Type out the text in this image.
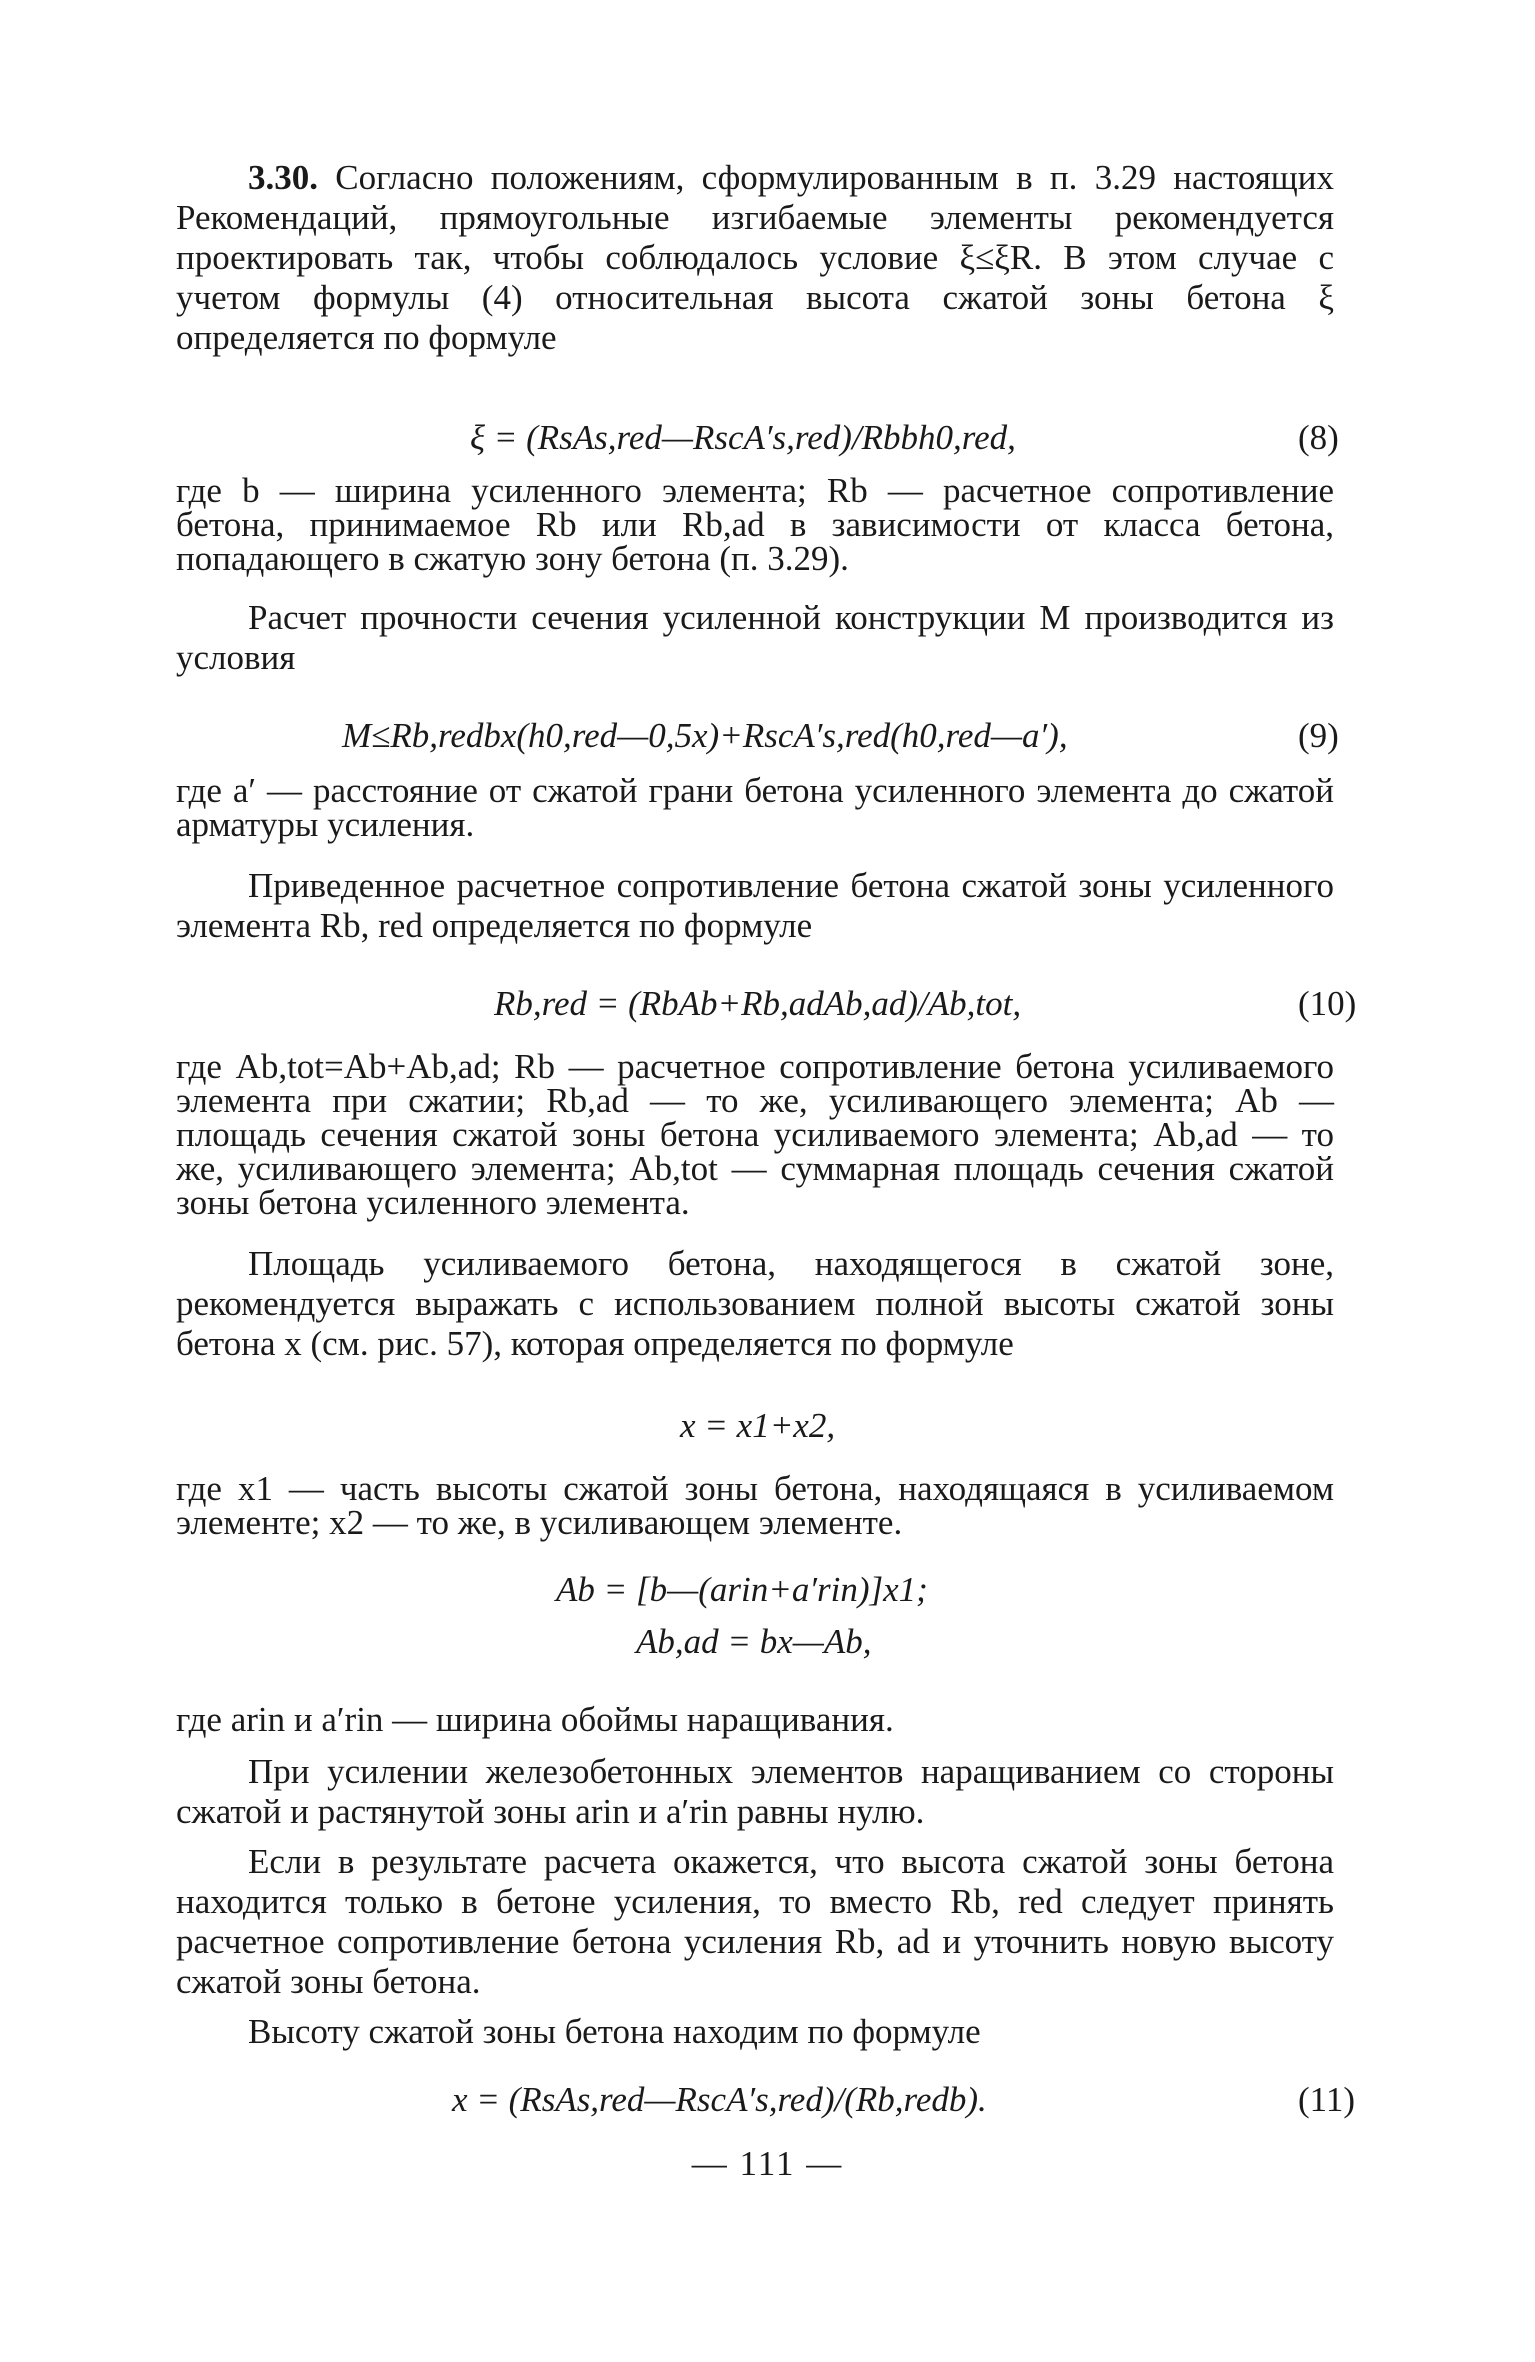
3.30. Согласно положениям, сформулированным в п. 3.29 настоящих Рекомендаций, прямоугольные изгибаемые элементы рекомендуется проектировать так, чтобы соблюдалось условие ξ≤ξR. В этом случае с учетом формулы (4) относительная высота сжатой зоны бетона ξ определяется по формуле

ξ = (RsAs,red—RscA′s,red)/Rbbh0,red,	(8)

где b — ширина усиленного элемента; Rb — расчетное сопротивление бетона, принимаемое Rb или Rb,ad в зависимости от класса бетона, попадающего в сжатую зону бетона (п. 3.29).

Расчет прочности сечения усиленной конструкции M производится из условия

M≤Rb,redbx(h0,red—0,5x)+RscA′s,red(h0,red—a′),	(9)

где a′ — расстояние от сжатой грани бетона усиленного элемента до сжатой арматуры усиления.

Приведенное расчетное сопротивление бетона сжатой зоны усиленного элемента Rb, red определяется по формуле

Rb,red = (RbAb+Rb,adAb,ad)/Ab,tot,	(10)

где Ab,tot=Ab+Ab,ad; Rb — расчетное сопротивление бетона усиливаемого элемента при сжатии; Rb,ad — то же, усиливающего элемента; Ab — площадь сечения сжатой зоны бетона усиливаемого элемента; Ab,ad — то же, усиливающего элемента; Ab,tot — суммарная площадь сечения сжатой зоны бетона усиленного элемента.

Площадь усиливаемого бетона, находящегося в сжатой зоне, рекомендуется выражать с использованием полной высоты сжатой зоны бетона x (см. рис. 57), которая определяется по формуле

x = x1+x2,

где x1 — часть высоты сжатой зоны бетона, находящаяся в усиливаемом элементе; x2 — то же, в усиливающем элементе.

Ab = [b—(arin+a′rin)]x1;
Ab,ad = bx—Ab,

где arin и a′rin — ширина обоймы наращивания.

При усилении железобетонных элементов наращиванием со стороны сжатой и растянутой зоны arin и a′rin равны нулю.

Если в результате расчета окажется, что высота сжатой зоны бетона находится только в бетоне усиления, то вместо Rb, red следует принять расчетное сопротивление бетона усиления Rb, ad и уточнить новую высоту сжатой зоны бетона.

Высоту сжатой зоны бетона находим по формуле

x = (RsAs,red—RscA′s,red)/(Rb,redb).	(11)
— 111 —
